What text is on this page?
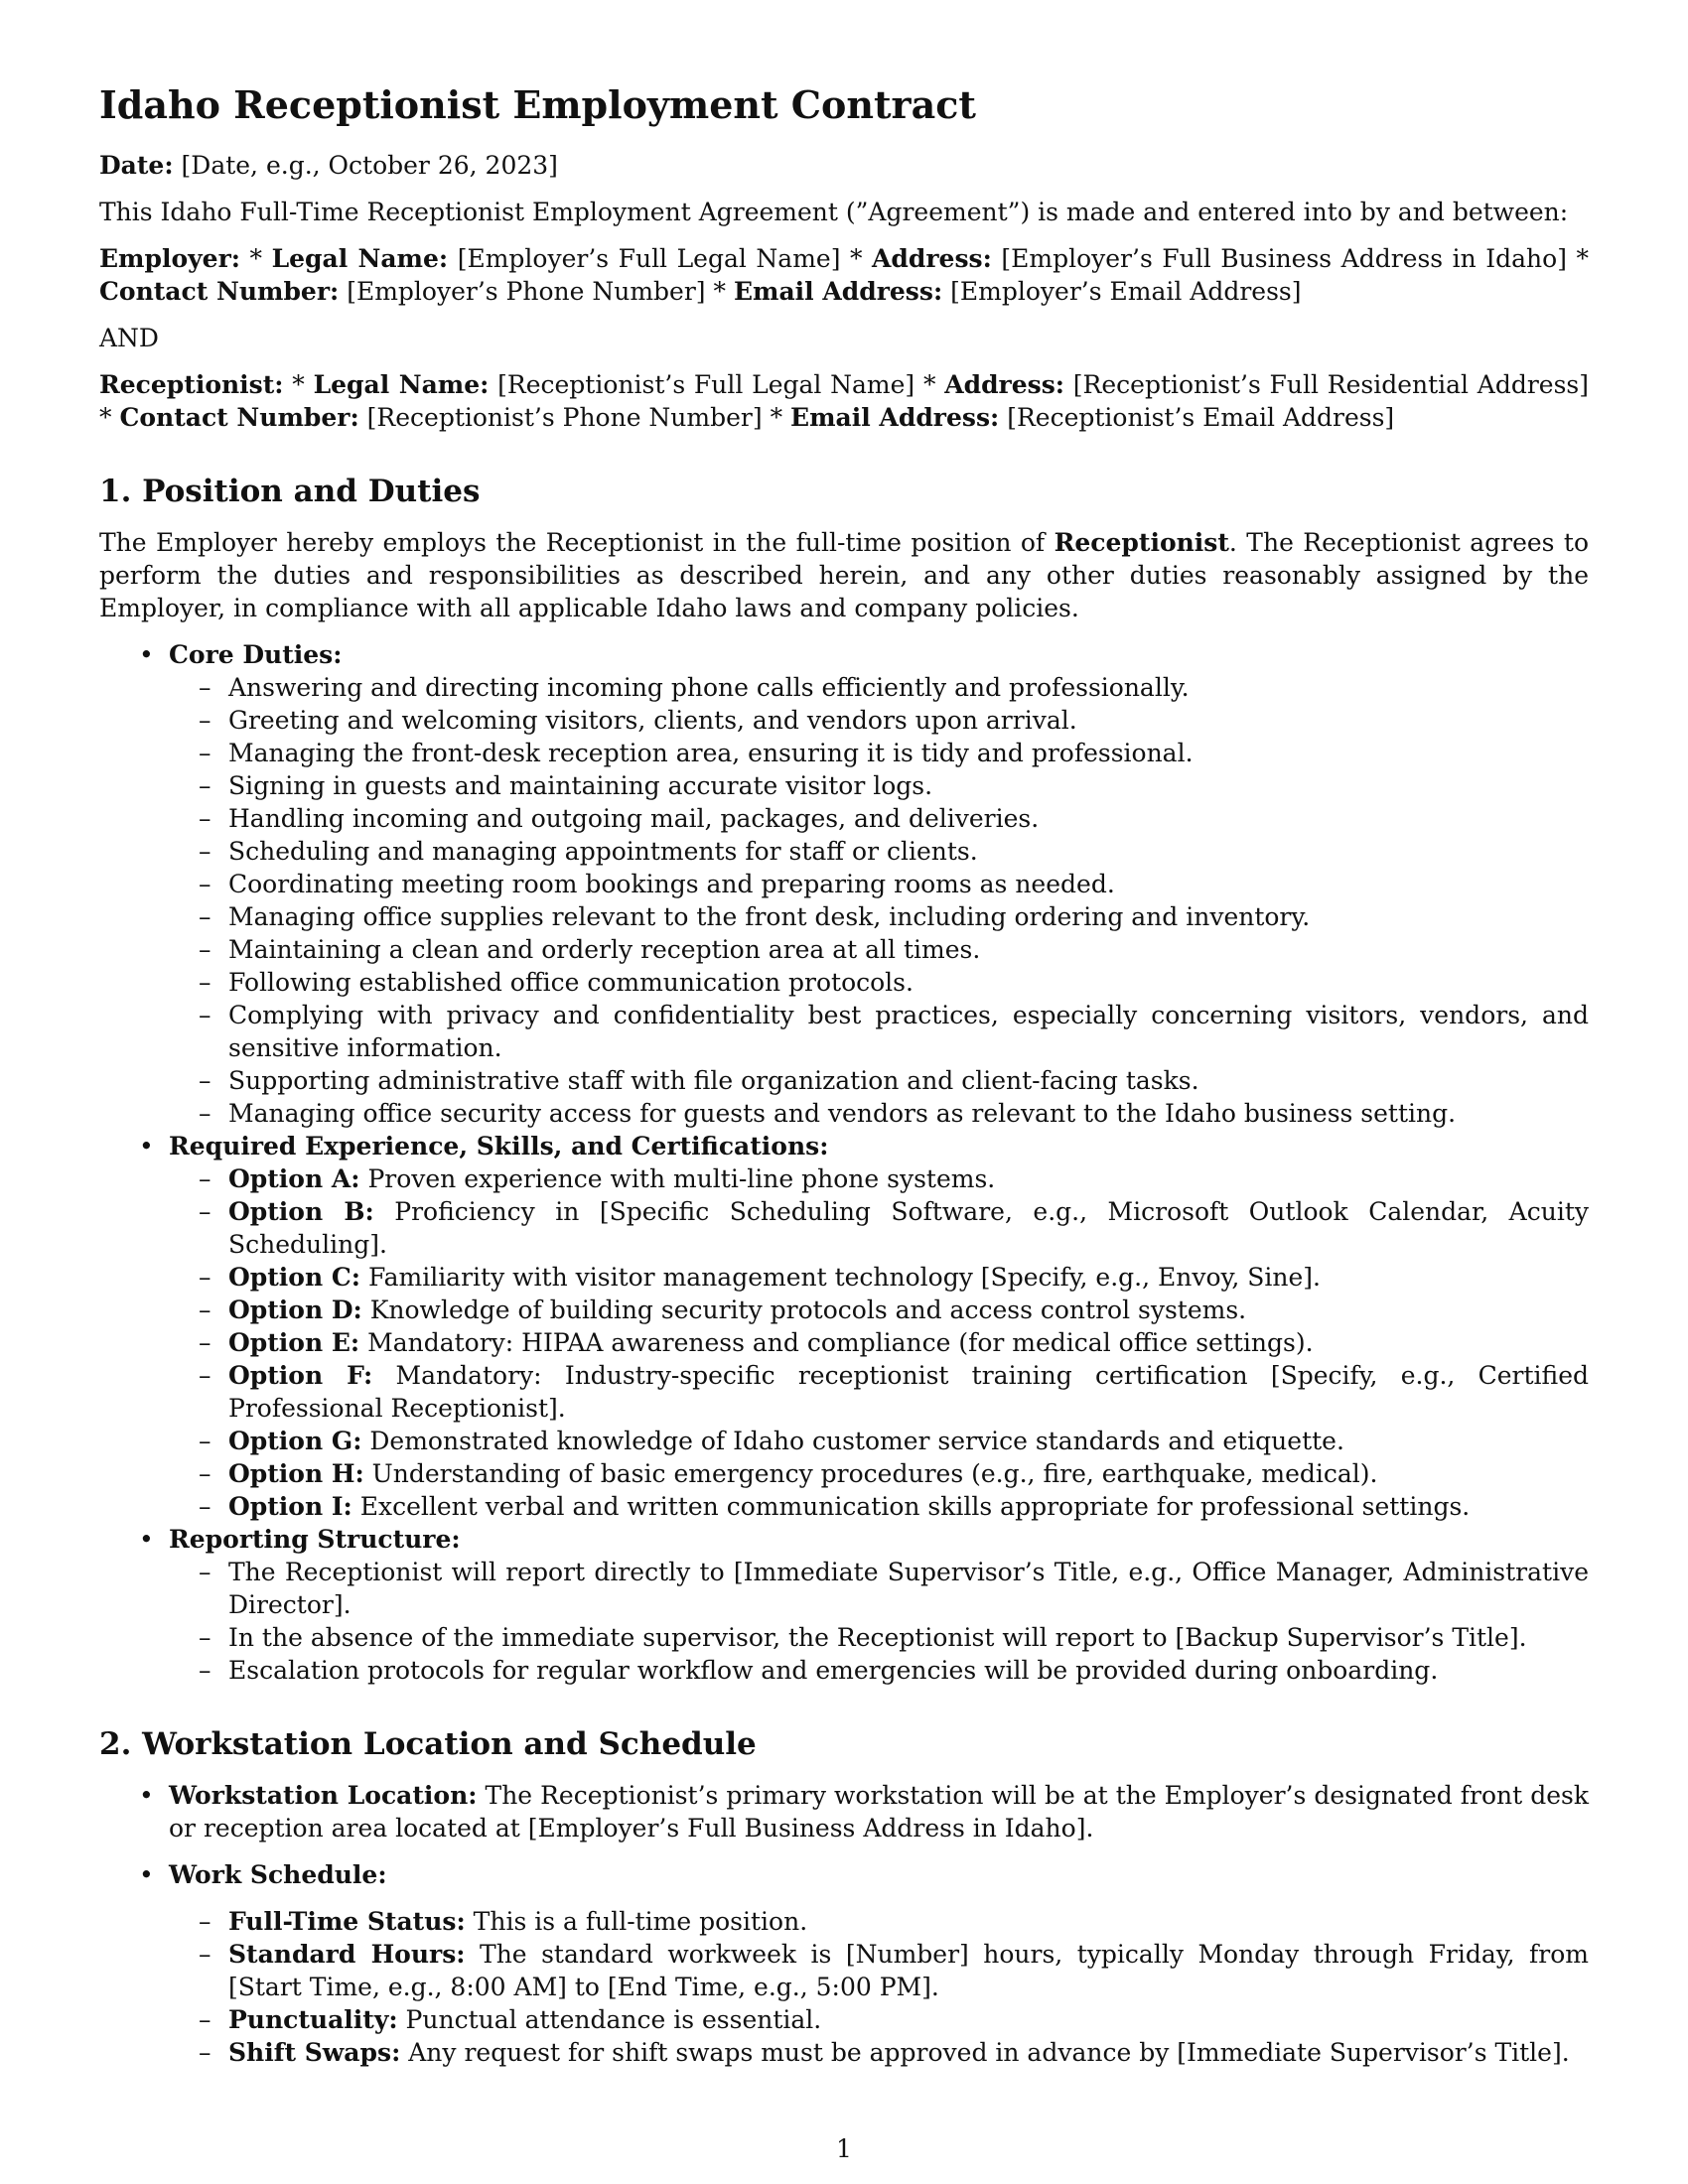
Idaho Receptionist Employment Contract
Date: [Date, e.g., October 26, 2023]

This Idaho Full-Time Receptionist Employment Agreement (”Agreement”) is made and entered into by and between:

Employer: * Legal Name: [Employer’s Full Legal Name] * Address: [Employer’s Full Business Address in Idaho] * Contact Number: [Employer’s Phone Number] * Email Address: [Employer’s Email Address]

AND

Receptionist: * Legal Name: [Receptionist’s Full Legal Name] * Address: [Receptionist’s Full Residential Address] * Contact Number: [Receptionist’s Phone Number] * Email Address: [Receptionist’s Email Address]
1. Position and Duties

The Employer hereby employs the Receptionist in the full-time position of Receptionist. The Receptionist agrees to perform the duties and responsibilities as described herein, and any other duties reasonably assigned by the Employer, in compliance with all applicable Idaho laws and company policies.

• Core Duties:
– Answering and directing incoming phone calls efficiently and professionally.
– Greeting and welcoming visitors, clients, and vendors upon arrival.
– Managing the front-desk reception area, ensuring it is tidy and professional.
– Signing in guests and maintaining accurate visitor logs.
– Handling incoming and outgoing mail, packages, and deliveries.
– Scheduling and managing appointments for staff or clients.
– Coordinating meeting room bookings and preparing rooms as needed.
– Managing office supplies relevant to the front desk, including ordering and inventory.
– Maintaining a clean and orderly reception area at all times.
– Following established office communication protocols.
– Complying with privacy and confidentiality best practices, especially concerning visitors, vendors, and sensitive information.
– Supporting administrative staff with file organization and client-facing tasks.
– Managing office security access for guests and vendors as relevant to the Idaho business setting.
• Required Experience, Skills, and Certifications:
– Option A: Proven experience with multi-line phone systems.
– Option B: Proficiency in [Specific Scheduling Software, e.g., Microsoft Outlook Calendar, Acuity Scheduling].
– Option C: Familiarity with visitor management technology [Specify, e.g., Envoy, Sine].
– Option D: Knowledge of building security protocols and access control systems.
– Option E: Mandatory: HIPAA awareness and compliance (for medical office settings).
– Option F: Mandatory: Industry-specific receptionist training certification [Specify, e.g., Certified Professional Receptionist].
– Option G: Demonstrated knowledge of Idaho customer service standards and etiquette.
– Option H: Understanding of basic emergency procedures (e.g., fire, earthquake, medical).
– Option I: Excellent verbal and written communication skills appropriate for professional settings.
• Reporting Structure:
– The Receptionist will report directly to [Immediate Supervisor’s Title, e.g., Office Manager, Administrative Director].
– In the absence of the immediate supervisor, the Receptionist will report to [Backup Supervisor’s Title].
– Escalation protocols for regular workflow and emergencies will be provided during onboarding.
2. Workstation Location and Schedule
• Workstation Location: The Receptionist’s primary workstation will be at the Employer’s designated front desk or reception area located at [Employer’s Full Business Address in Idaho].
• Work Schedule:
– Full-Time Status: This is a full-time position.
– Standard Hours: The standard workweek is [Number] hours, typically Monday through Friday, from [Start Time, e.g., 8:00 AM] to [End Time, e.g., 5:00 PM].
– Punctuality: Punctual attendance is essential.
– Shift Swaps: Any request for shift swaps must be approved in advance by [Immediate Supervisor’s Title].
1
